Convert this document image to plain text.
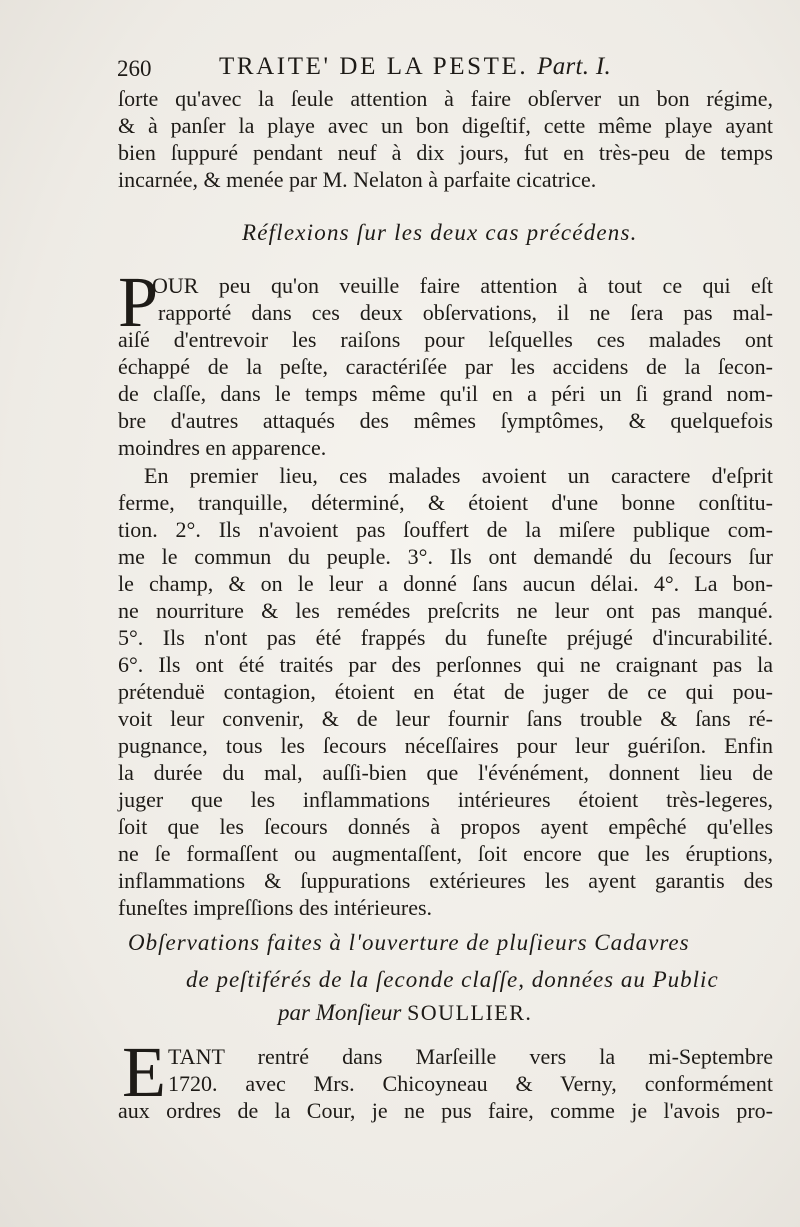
260	TRAITE' DE LA PESTE. Part. I.
ſorte qu'avec la ſeule attention à faire obſerver un bon régime,
& à panſer la playe avec un bon digeſtif, cette même playe ayant
bien ſuppuré pendant neuf à dix jours, fut en très-peu de temps
incarnée, & menée par M. Nelaton à parfaite cicatrice.
Réflexions ſur les deux cas précédens.
P
OUR peu qu'on veuille faire attention à tout ce qui eſt
rapporté dans ces deux obſervations, il ne ſera pas mal-
aiſé d'entrevoir les raiſons pour leſquelles ces malades ont
échappé de la peſte, caractériſée par les accidens de la ſecon-
de claſſe, dans le temps même qu'il en a péri un ſi grand nom-
bre d'autres attaqués des mêmes ſymptômes, & quelquefois
moindres en apparence.
En premier lieu, ces malades avoient un caractere d'eſprit
ferme, tranquille, déterminé, & étoient d'une bonne conſtitu-
tion. 2°. Ils n'avoient pas ſouffert de la miſere publique com-
me le commun du peuple. 3°. Ils ont demandé du ſecours ſur
le champ, & on le leur a donné ſans aucun délai. 4°. La bon-
ne nourriture & les remédes preſcrits ne leur ont pas manqué.
5°. Ils n'ont pas été frappés du funeſte préjugé d'incurabilité.
6°. Ils ont été traités par des perſonnes qui ne craignant pas la
prétenduë contagion, étoient en état de juger de ce qui pou-
voit leur convenir, & de leur fournir ſans trouble & ſans ré-
pugnance, tous les ſecours néceſſaires pour leur guériſon. Enfin
la durée du mal, auſſi-bien que l'événément, donnent lieu de
juger que les inflammations intérieures étoient très-legeres,
ſoit que les ſecours donnés à propos ayent empêché qu'elles
ne ſe formaſſent ou augmentaſſent, ſoit encore que les éruptions,
inflammations & ſuppurations extérieures les ayent garantis des
funeſtes impreſſions des intérieures.
Obſervations faites à l'ouverture de pluſieurs Cadavres
de peſtiférés de la ſeconde claſſe, données au Public
par Monſieur SOULLIER.
E TANT rentré dans Marſeille vers la mi-Septembre
1720. avec Mrs. Chicoyneau & Verny, conformément
aux ordres de la Cour, je ne pus faire, comme je l'avois pro-
